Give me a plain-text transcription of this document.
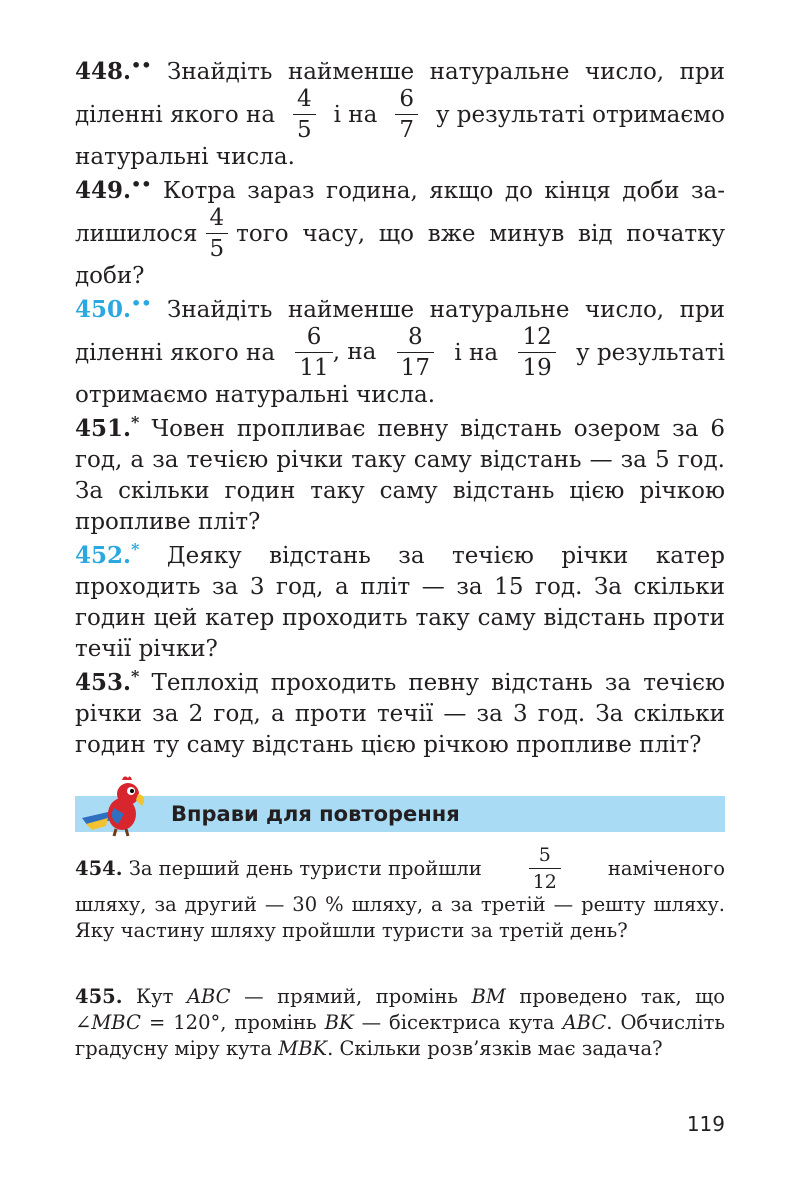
448.•• Знайдіть найменше натуральне число, при
діленні якого на $\frac{4}{5}$ і на $\frac{6}{7}$ у результаті отримаємо
натуральні числа.
449.•• Котра зараз година, якщо до кінця доби за-
лишилося $\frac{4}{5}$ того часу, що вже минув від початку
доби?
450.•• Знайдіть найменше натуральне число, при
діленні якого на $\frac{6}{11}$ , на $\frac{8}{17}$ і на $\frac{12}{19}$ у результаті
отримаємо натуральні числа.
451.* Човен пропливає певну відстань озером за 6 год, а за течією річки таку саму відстань — за 5 год. За скільки годин таку саму відстань цією річкою пропливе пліт?
452.* Деяку відстань за течією річки катер проходить за 3 год, а пліт — за 15 год. За скільки годин цей катер проходить таку саму відстань проти течії річки?
453.* Теплохід проходить певну відстань за течією річки за 2 год, а проти течії — за 3 год. За скільки годин ту саму відстань цією річкою пропливе пліт?
Вправи для повторення
454. За перший день туристи пройшли $\frac{5}{12}$ наміченого
шляху, за другий — 30 % шляху, а за третій — решту шляху. Яку частину шляху пройшли туристи за третій день?
455. Кут ABC — прямий, промінь BM проведено так, що ∠MBC = 120°, промінь BK — бісектриса кута ABC. Обчисліть градусну міру кута MBK. Скільки розв’язків має задача?
119
